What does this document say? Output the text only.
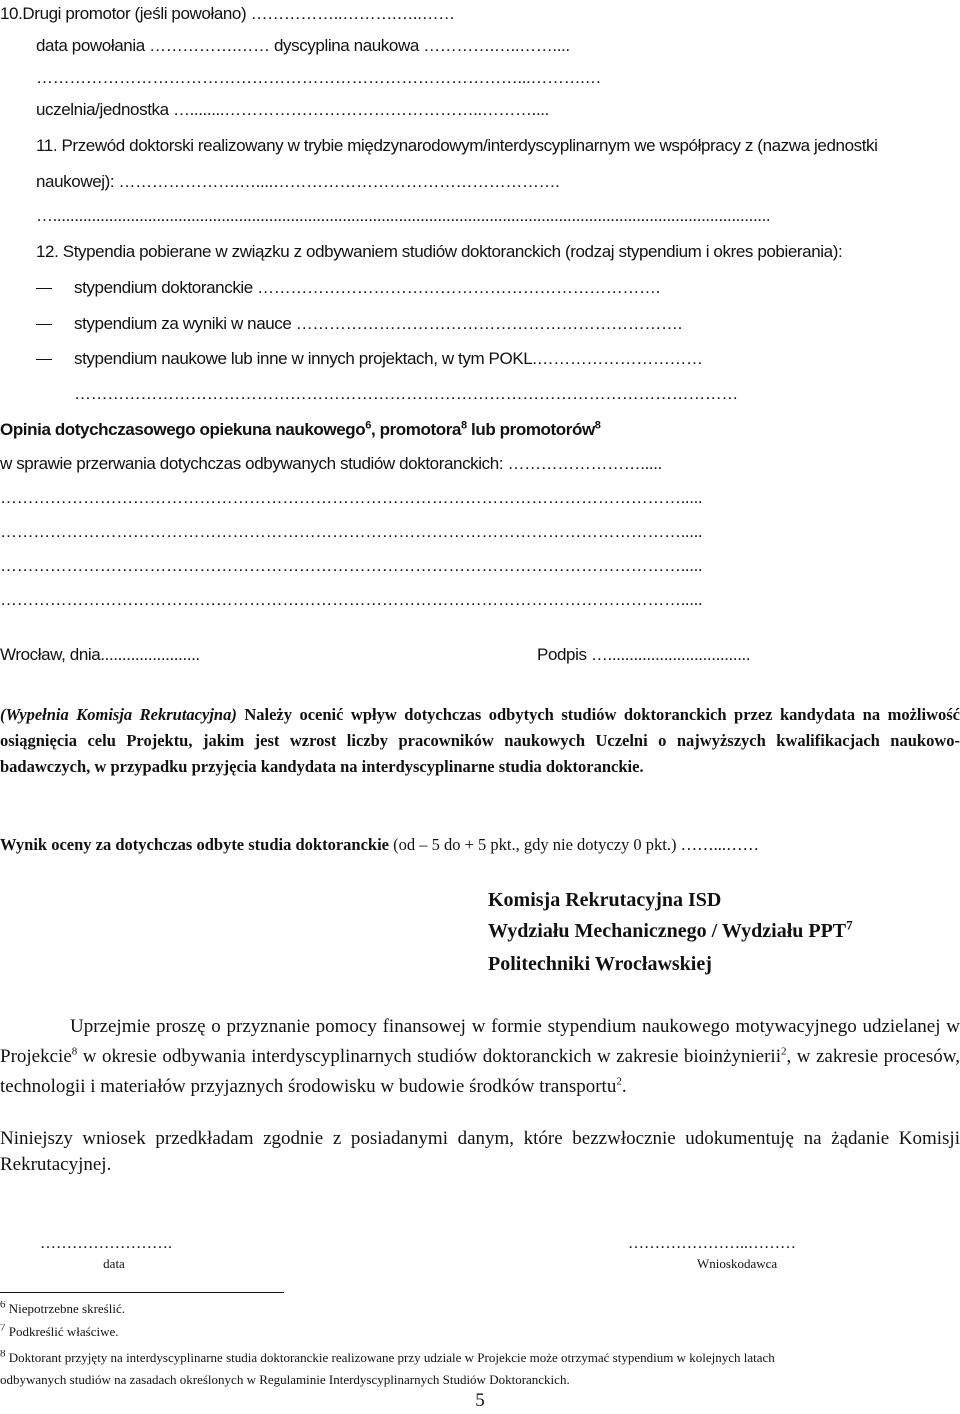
10.Drugi promotor (jeśli powołano) ……………..……….…..……
data powołania …………….…… dyscyplina naukowa ………….…..……....
……………………………………………………………………………...……….…
uczelnia/jednostka …........………………………………………..………....
11. Przewód doktorski realizowany w trybie międzynarodowym/interdyscyplinarnym we współpracy z (nazwa jednostki
naukowej): ………………….…....…………………………………………….
…......................................................................................................................................................................
12. Stypendia pobierane w związku z odbywaniem studiów doktoranckich (rodzaj stypendium i okres pobierania):
stypendium doktoranckie ……………………………………………………………….
stypendium za wyniki w nauce …………………………………………………………….
stypendium naukowe lub inne w innych projektach, w tym POKL.…………………………
…………………………………………………………………………………………………………
Opinia dotychczasowego opiekuna naukowego$^6$, promotora$^8$ lub promotorów$^8$
w sprawie przerwania dotychczas odbywanych studiów doktoranckich: …………………….....
…………………………………………………………………………………………………………….....
…………………………………………………………………………………………………………….....
…………………………………………………………………………………………………………….....
…………………………………………………………………………………………………………….....
Wrocław, dnia.......................	Podpis ….................................
(Wypełnia Komisja Rekrutacyjna) Należy ocenić wpływ dotychczas odbytych studiów doktoranckich przez kandydata na możliwość osiągnięcia celu Projektu, jakim jest wzrost liczby pracowników naukowych Uczelni o najwyższych kwalifikacjach naukowo-badawczych, w przypadku przyjęcia kandydata na interdyscyplinarne studia doktoranckie.
Wynik oceny za dotychczas odbyte studia doktoranckie (od – 5 do + 5 pkt., gdy nie dotyczy 0 pkt.) ……...……
Komisja Rekrutacyjna ISD
Wydziału Mechanicznego / Wydziału PPT$^7$
Politechniki Wrocławskiej
Uprzejmie proszę o przyznanie pomocy finansowej w formie stypendium naukowego motywacyjnego udzielanej w Projekcie$^8$ w okresie odbywania interdyscyplinarnych studiów doktoranckich w zakresie bioinżynierii$^2$, w zakresie procesów, technologii i materiałów przyjaznych środowisku w budowie środków transportu$^2$.
Niniejszy wniosek przedkładam zgodnie z posiadanymi danym, które bezzwłocznie udokumentuję na żądanie Komisji Rekrutacyjnej.
…………………….
data
…………………..………
Wnioskodawca
$^6$ Niepotrzebne skreślić.
$^7$ Podkreślić właściwe.
$^8$ Doktorant przyjęty na interdyscyplinarne studia doktoranckie realizowane przy udziale w Projekcie może otrzymać stypendium w kolejnych latach
odbywanych studiów na zasadach określonych w Regulaminie Interdyscyplinarnych Studiów Doktoranckich.
5
